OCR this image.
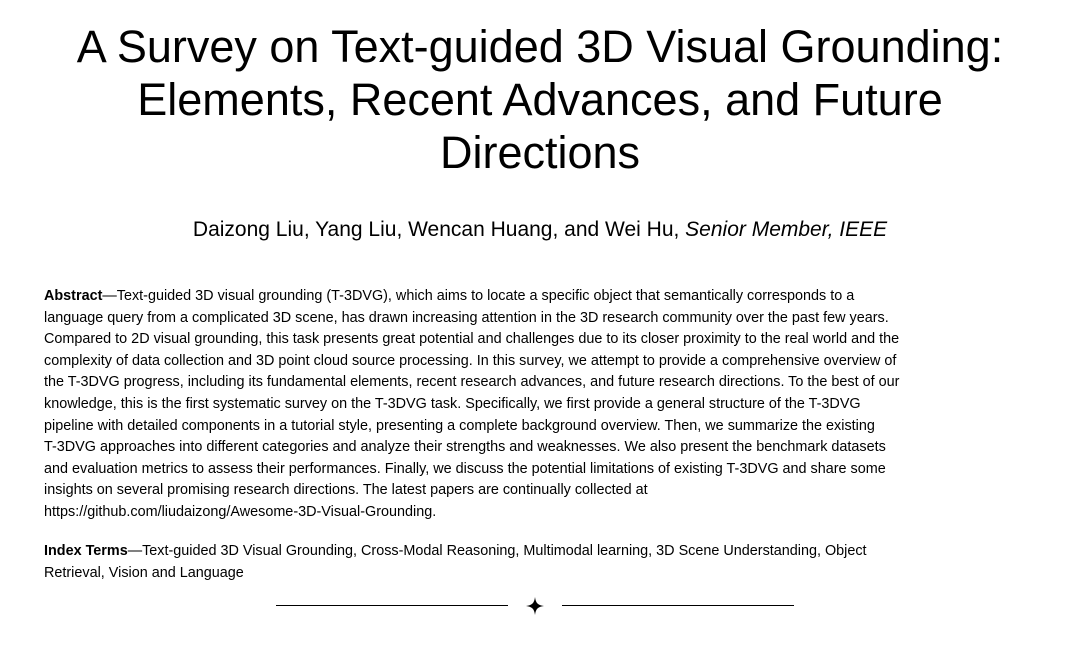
A Survey on Text-guided 3D Visual Grounding:
Elements, Recent Advances, and Future
Directions
Daizong Liu, Yang Liu, Wencan Huang, and Wei Hu, Senior Member, IEEE

Abstract—Text-guided 3D visual grounding (T-3DVG), which aims to locate a specific object that semantically corresponds to a
language query from a complicated 3D scene, has drawn increasing attention in the 3D research community over the past few years.
Compared to 2D visual grounding, this task presents great potential and challenges due to its closer proximity to the real world and the
complexity of data collection and 3D point cloud source processing. In this survey, we attempt to provide a comprehensive overview of
the T-3DVG progress, including its fundamental elements, recent research advances, and future research directions. To the best of our
knowledge, this is the first systematic survey on the T-3DVG task. Specifically, we first provide a general structure of the T-3DVG
pipeline with detailed components in a tutorial style, presenting a complete background overview. Then, we summarize the existing
T-3DVG approaches into different categories and analyze their strengths and weaknesses. We also present the benchmark datasets
and evaluation metrics to assess their performances. Finally, we discuss the potential limitations of existing T-3DVG and share some
insights on several promising research directions. The latest papers are continually collected at
https://github.com/liudaizong/Awesome-3D-Visual-Grounding.

Index Terms—Text-guided 3D Visual Grounding, Cross-Modal Reasoning, Multimodal learning, 3D Scene Understanding, Object
Retrieval, Vision and Language
